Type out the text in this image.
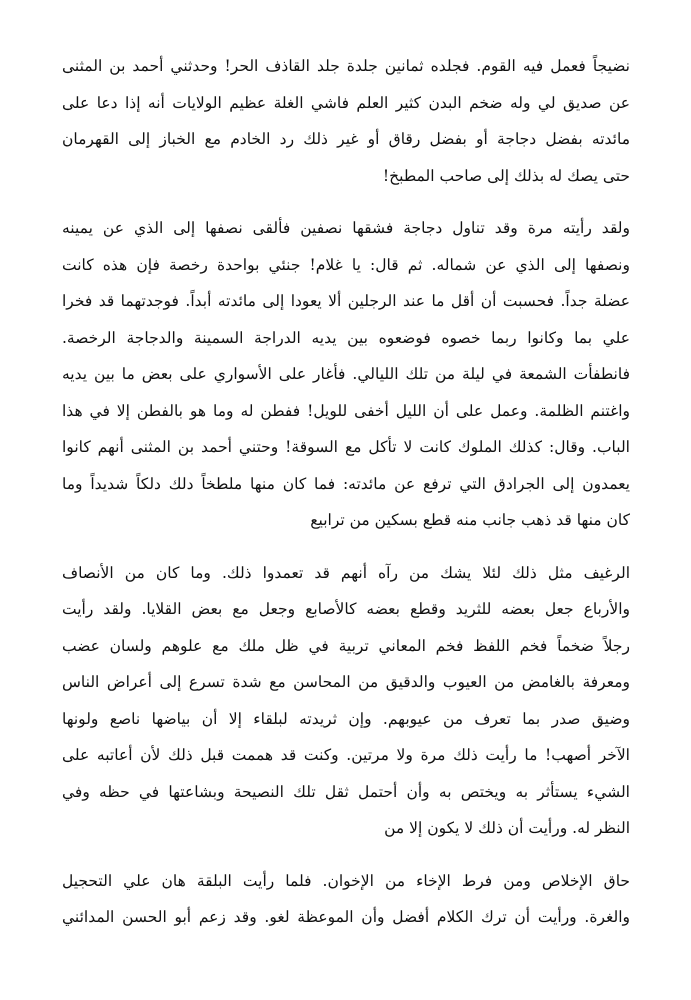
نضيجاً فعمل فيه القوم. فجلده ثمانين جلدة جلد القاذف الحر! وحدثني أحمد بن المثنى
عن صديق لي وله ضخم البدن كثير العلم فاشي الغلة عظيم الولايات أنه إذا دعا على
مائدته بفضل دجاجة أو بفضل رقاق أو غير ذلك رد الخادم مع الخباز إلى القهرمان
حتى يصك له بذلك إلى صاحب المطبخ!

ولقد رأيته مرة وقد تناول دجاجة فشقها نصفين فألقى نصفها إلى الذي عن يمينه
ونصفها إلى الذي عن شماله. ثم قال: يا غلام! جنئي بواحدة رخصة فإن هذه كانت
عضلة جداً. فحسبت أن أقل ما عند الرجلين ألا يعودا إلى مائدته أبداً. فوجدتهما قد فخرا
علي بما وكانوا ربما خصوه فوضعوه بين يديه الدراجة السمينة والدجاجة الرخصة.
فانطفأت الشمعة في ليلة من تلك الليالي. فأغار على الأسواري على بعض ما بين يديه
واغتنم الظلمة. وعمل على أن الليل أخفى للويل! ففطن له وما هو بالفطن إلا في هذا
الباب. وقال: كذلك الملوك كانت لا تأكل مع السوقة! وحتني أحمد بن المثنى أنهم كانوا
يعمدون إلى الجرادق التي ترفع عن مائدته: فما كان منها ملطخاً دلك دلكاً شديداً وما
كان منها قد ذهب جانب منه قطع بسكين من ترابيع

الرغيف مثل ذلك لئلا يشك من رآه أنهم قد تعمدوا ذلك. وما كان من الأنصاف
والأرباع جعل بعضه للثريد وقطع بعضه كالأصابع وجعل مع بعض القلايا. ولقد رأيت
رجلاً ضخماً فخم اللفظ فخم المعاني تربية في ظل ملك مع علوهم ولسان عضب
ومعرفة بالغامض من العيوب والدقيق من المحاسن مع شدة تسرع إلى أعراض الناس
وضيق صدر بما تعرف من عيوبهم. وإن ثريدته لبلقاء إلا أن بياضها ناصع ولونها
الآخر أصهب! ما رأيت ذلك مرة ولا مرتين. وكنت قد هممت قبل ذلك لأن أعاتبه على
الشيء يستأثر به ويختص به وأن أحتمل ثقل تلك النصيحة وبشاعتها في حظه وفي
النظر له. ورأيت أن ذلك لا يكون إلا من

حاق الإخلاص ومن فرط الإخاء من الإخوان. فلما رأيت البلقة هان علي التحجيل
والغرة. ورأيت أن ترك الكلام أفضل وأن الموعظة لغو. وقد زعم أبو الحسن المدائني
